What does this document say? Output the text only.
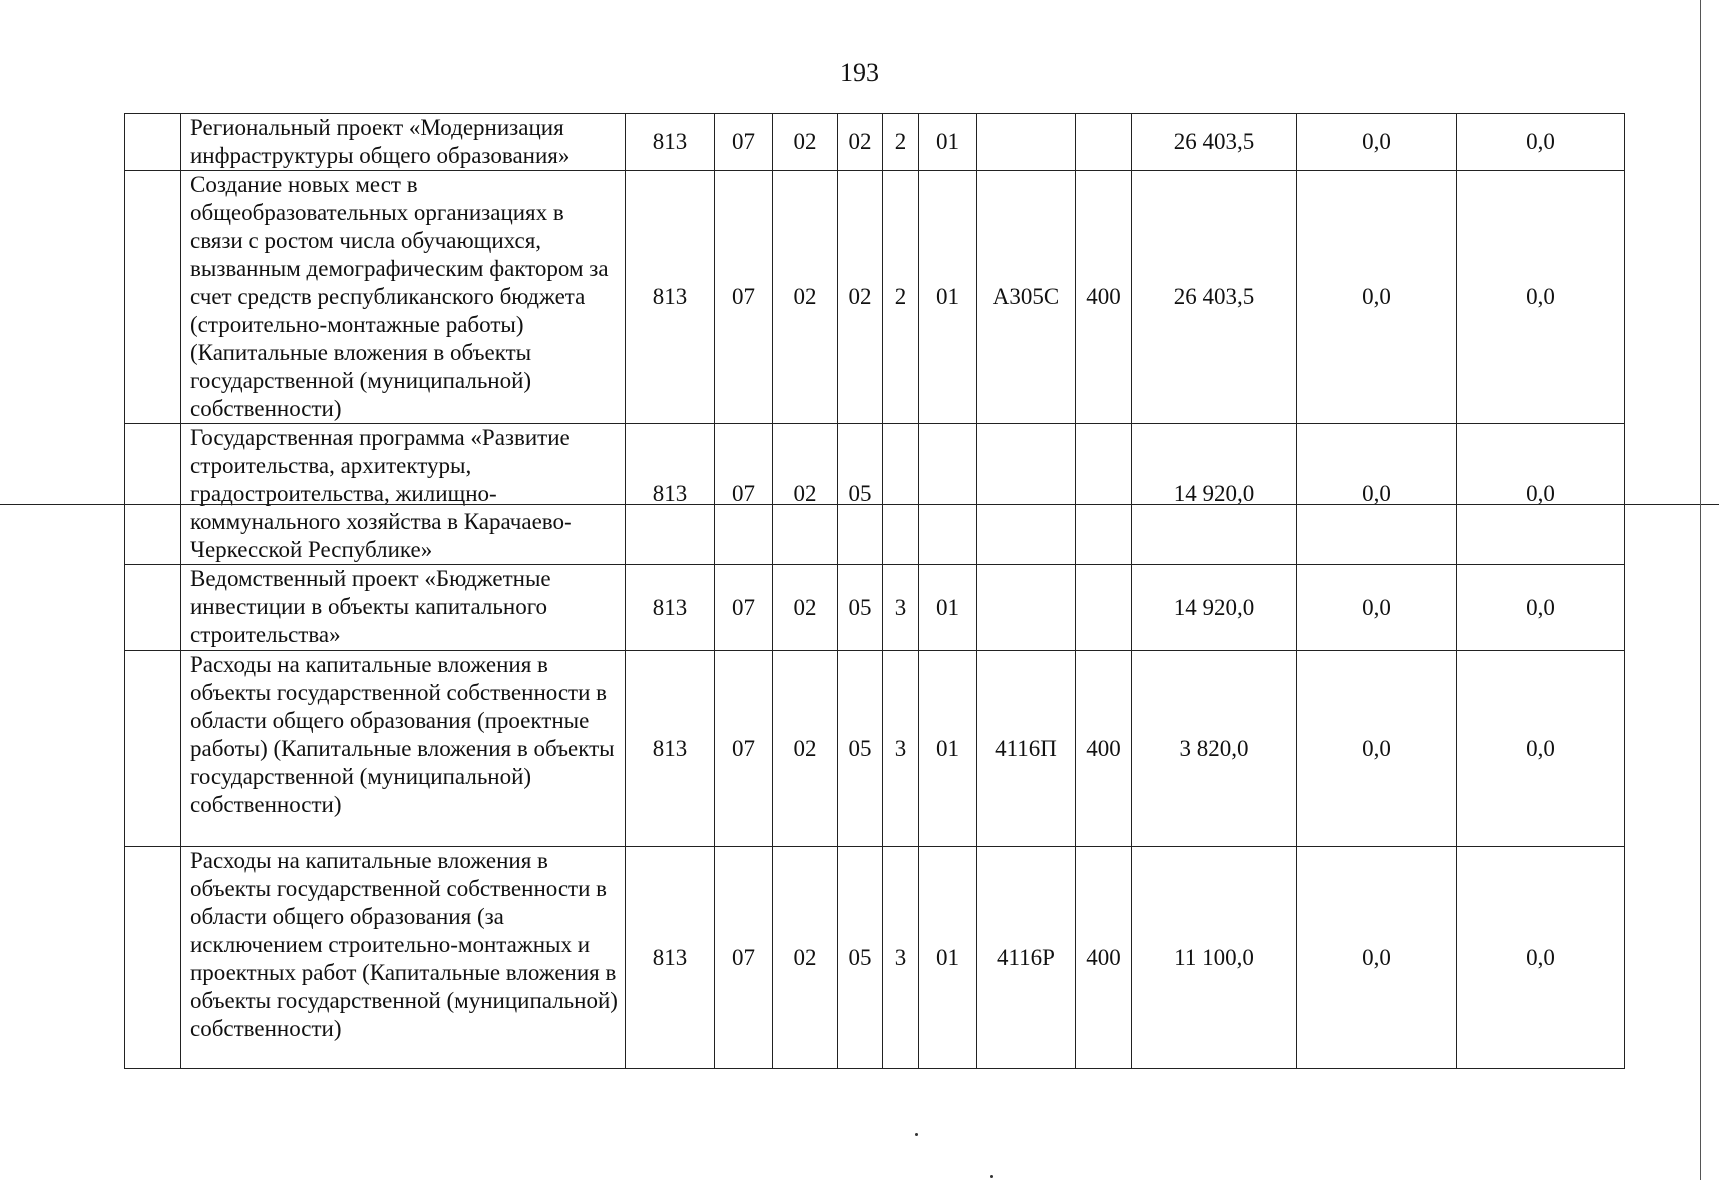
193
	Региональный проект «Модернизация инфраструктуры общего образования»	813	07	02	02	2	01			26 403,5	0,0	0,0
	Создание новых мест в общеобразовательных организациях в связи с ростом числа обучающихся, вызванным демографическим фактором за счет средств республиканского бюджета (строительно-монтажные работы) (Капитальные вложения в объекты государственной (муниципальной) собственности)	813	07	02	02	2	01	А305С	400	26 403,5	0,0	0,0
	Государственная программа «Развитие строительства, архитектуры, градостроительства, жилищно-коммунального хозяйства в Карачаево-Черкесской Республике»	813	07	02	05					14 920,0	0,0	0,0
	Ведомственный проект «Бюджетные инвестиции в объекты капитального строительства»	813	07	02	05	3	01			14 920,0	0,0	0,0
	Расходы на капитальные вложения в объекты государственной собственности в области общего образования (проектные работы) (Капитальные вложения в объекты государственной (муниципальной) собственности)	813	07	02	05	3	01	4116П	400	3 820,0	0,0	0,0
	Расходы на капитальные вложения в объекты государственной собственности в области общего образования (за исключением строительно-монтажных и проектных работ (Капитальные вложения в объекты государственной (муниципальной) собственности)	813	07	02	05	3	01	4116Р	400	11 100,0	0,0	0,0
